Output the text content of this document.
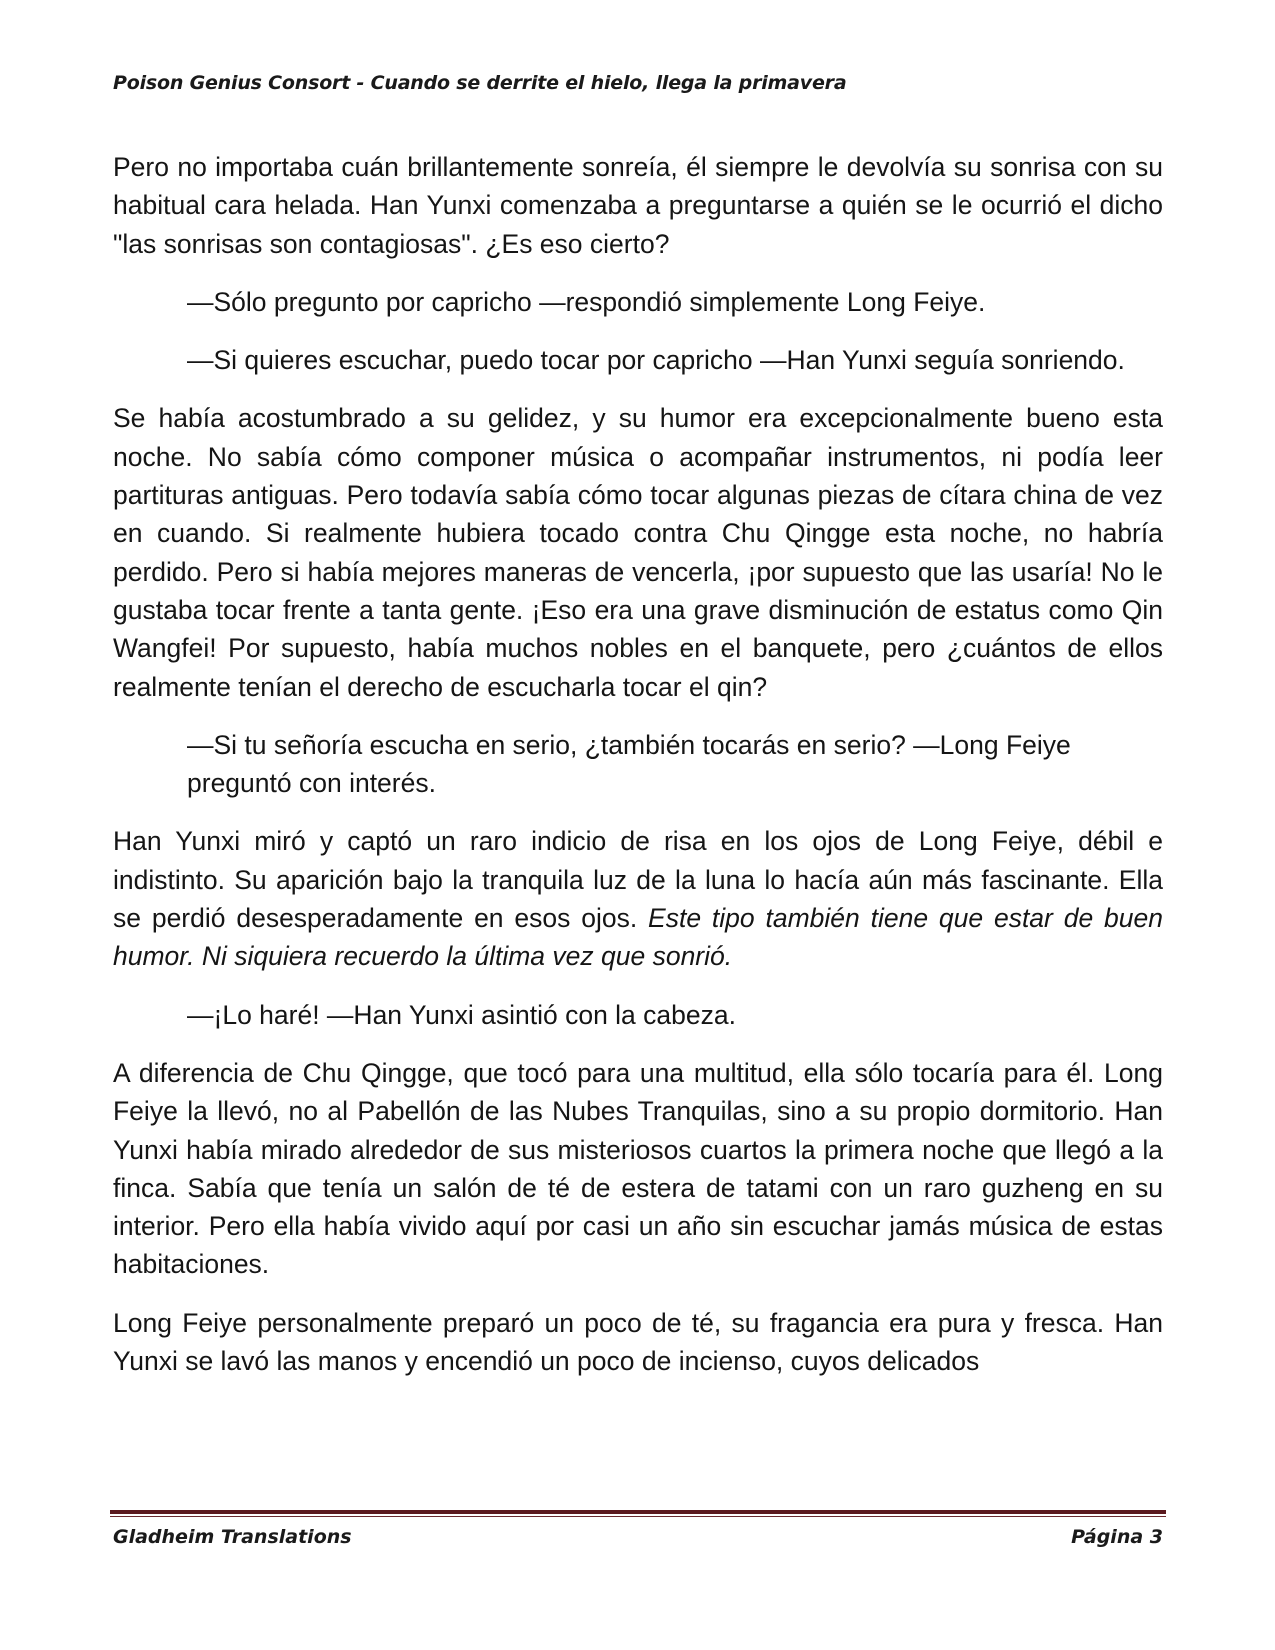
Poison Genius Consort - Cuando se derrite el hielo, llega la primavera

Pero no importaba cuán brillantemente sonreía, él siempre le devolvía su sonrisa con su habitual cara helada. Han Yunxi comenzaba a preguntarse a quién se le ocurrió el dicho "las sonrisas son contagiosas". ¿Es eso cierto?

—Sólo pregunto por capricho —respondió simplemente Long Feiye.

—Si quieres escuchar, puedo tocar por capricho —Han Yunxi seguía sonriendo.

Se había acostumbrado a su gelidez, y su humor era excepcionalmente bueno esta noche. No sabía cómo componer música o acompañar instrumentos, ni podía leer partituras antiguas. Pero todavía sabía cómo tocar algunas piezas de cítara china de vez en cuando. Si realmente hubiera tocado contra Chu Qingge esta noche, no habría perdido. Pero si había mejores maneras de vencerla, ¡por supuesto que las usaría! No le gustaba tocar frente a tanta gente. ¡Eso era una grave disminución de estatus como Qin Wangfei! Por supuesto, había muchos nobles en el banquete, pero ¿cuántos de ellos realmente tenían el derecho de escucharla tocar el qin?

—Si tu señoría escucha en serio, ¿también tocarás en serio? —Long Feiye preguntó con interés.

Han Yunxi miró y captó un raro indicio de risa en los ojos de Long Feiye, débil e indistinto. Su aparición bajo la tranquila luz de la luna lo hacía aún más fascinante. Ella se perdió desesperadamente en esos ojos. Este tipo también tiene que estar de buen humor. Ni siquiera recuerdo la última vez que sonrió.

—¡Lo haré! —Han Yunxi asintió con la cabeza.

A diferencia de Chu Qingge, que tocó para una multitud, ella sólo tocaría para él. Long Feiye la llevó, no al Pabellón de las Nubes Tranquilas, sino a su propio dormitorio. Han Yunxi había mirado alrededor de sus misteriosos cuartos la primera noche que llegó a la finca. Sabía que tenía un salón de té de estera de tatami con un raro guzheng en su interior. Pero ella había vivido aquí por casi un año sin escuchar jamás música de estas habitaciones.

Long Feiye personalmente preparó un poco de té, su fragancia era pura y fresca. Han Yunxi se lavó las manos y encendió un poco de incienso, cuyos delicados

Gladheim Translations	Página 3
